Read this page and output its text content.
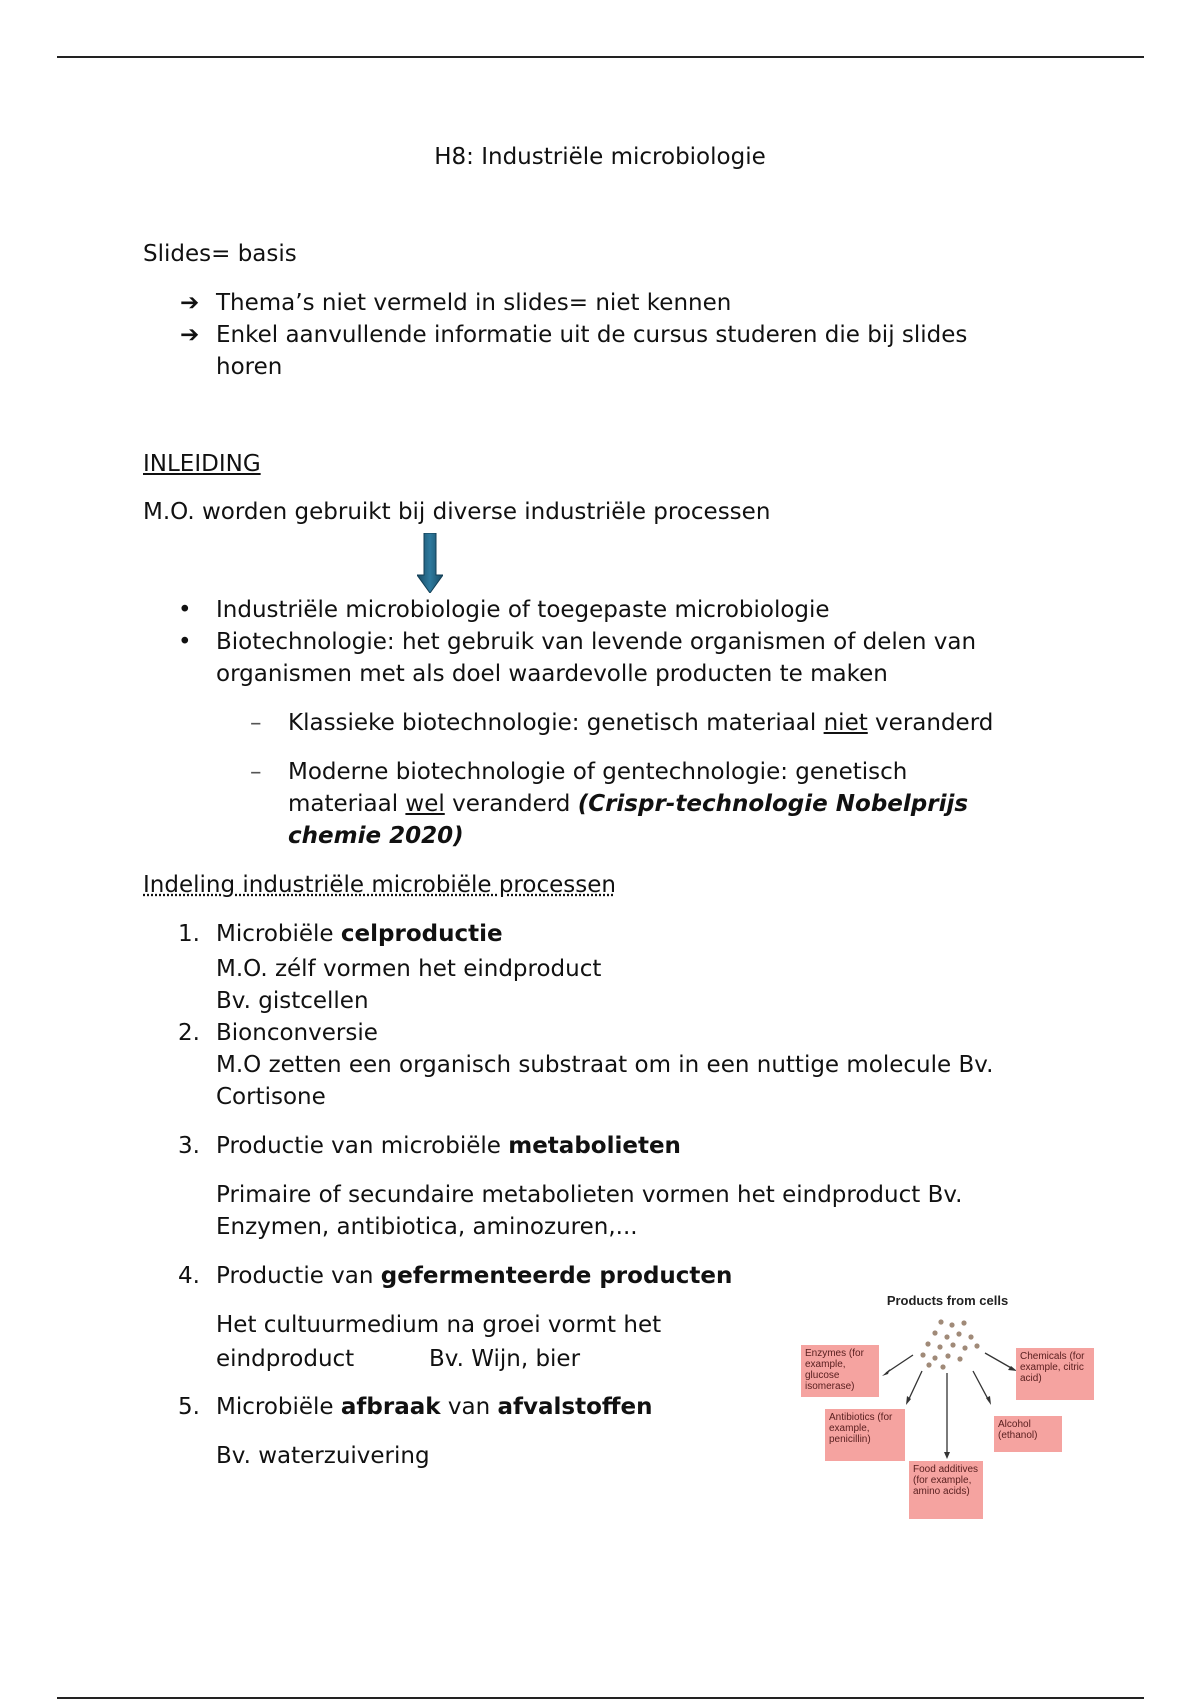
H8: Industriële microbiologie
Slides= basis
➔ Thema’s niet vermeld in slides= niet kennen
➔ Enkel aanvullende informatie uit de cursus studeren die bij slides
horen
INLEIDING
M.O. worden gebruikt bij diverse industriële processen
• Industriële microbiologie of toegepaste microbiologie
• Biotechnologie: het gebruik van levende organismen of delen van
organismen met als doel waardevolle producten te maken
– Klassieke biotechnologie: genetisch materiaal niet veranderd
– Moderne biotechnologie of gentechnologie: genetisch
materiaal wel veranderd (Crispr-technologie Nobelprijs
chemie 2020)
Indeling industriële microbiële processen
1. Microbiële celproductie
M.O. zélf vormen het eindproduct
Bv. gistcellen
2. Bionconversie
M.O zetten een organisch substraat om in een nuttige molecule Bv.
Cortisone
3. Productie van microbiële metabolieten
Primaire of secundaire metabolieten vormen het eindproduct Bv.
Enzymen, antibiotica, aminozuren,...
4. Productie van gefermenteerde producten
Het cultuurmedium na groei vormt het
eindproduct	Bv. Wijn, bier
5. Microbiële afbraak van afvalstoffen
Bv. waterzuivering
Products from cells
Enzymes (for example, glucose isomerase)
Chemicals (for example, citric acid)
Antibiotics (for example, penicillin)
Alcohol (ethanol)
Food additives (for example, amino acids)
